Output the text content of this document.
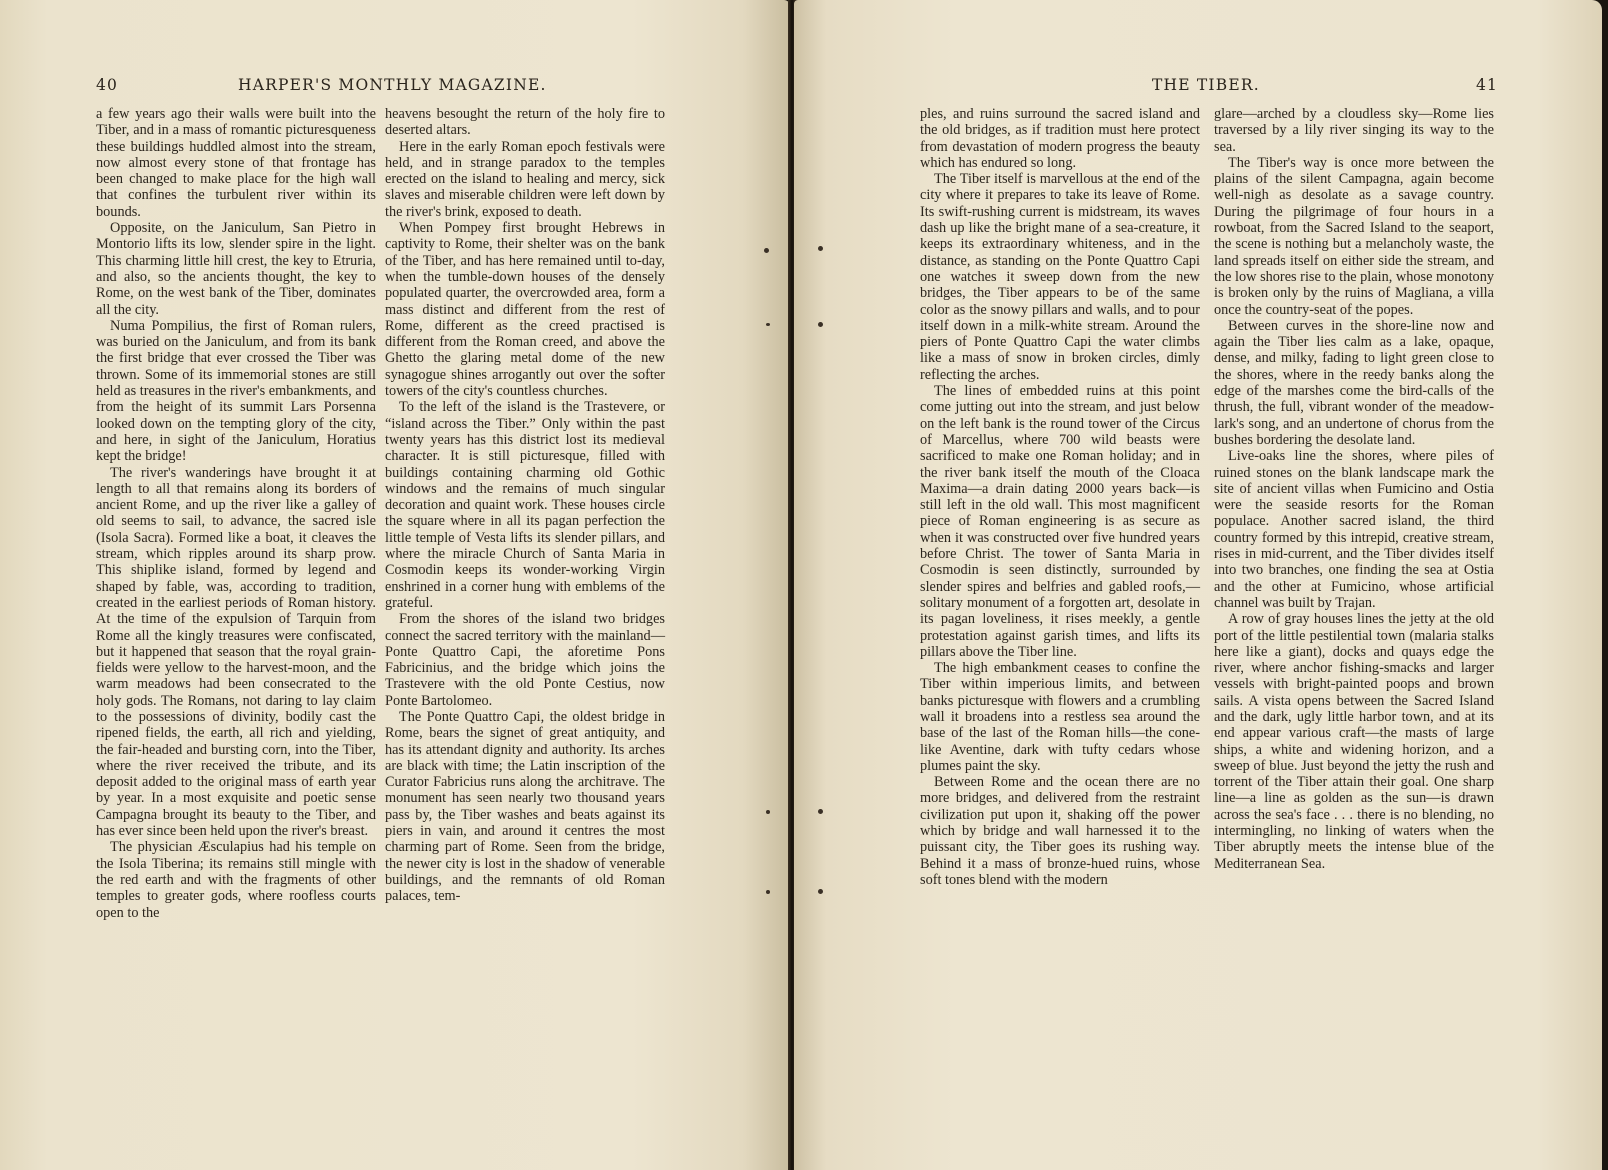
40	HARPER'S MONTHLY MAGAZINE.

a few years ago their walls were built into the Tiber, and in a mass of romantic picturesqueness these buildings huddled almost into the stream, now almost every stone of that frontage has been changed to make place for the high wall that confines the turbulent river within its bounds.

Opposite, on the Janiculum, San Pietro in Montorio lifts its low, slender spire in the light. This charming little hill crest, the key to Etruria, and also, so the ancients thought, the key to Rome, on the west bank of the Tiber, dominates all the city.

Numa Pompilius, the first of Roman rulers, was buried on the Janiculum, and from its bank the first bridge that ever crossed the Tiber was thrown. Some of its immemorial stones are still held as treasures in the river's embankments, and from the height of its summit Lars Porsenna looked down on the tempting glory of the city, and here, in sight of the Janiculum, Horatius kept the bridge!

The river's wanderings have brought it at length to all that remains along its borders of ancient Rome, and up the river like a galley of old seems to sail, to advance, the sacred isle (Isola Sacra). Formed like a boat, it cleaves the stream, which ripples around its sharp prow. This shiplike island, formed by legend and shaped by fable, was, according to tradition, created in the earliest periods of Roman history. At the time of the expulsion of Tarquin from Rome all the kingly treasures were confiscated, but it happened that season that the royal grain-fields were yellow to the harvest-moon, and the warm meadows had been consecrated to the holy gods. The Romans, not daring to lay claim to the possessions of divinity, bodily cast the ripened fields, the earth, all rich and yielding, the fair-headed and bursting corn, into the Tiber, where the river received the tribute, and its deposit added to the original mass of earth year by year. In a most exquisite and poetic sense Campagna brought its beauty to the Tiber, and has ever since been held upon the river's breast.

The physician Æsculapius had his temple on the Isola Tiberina; its remains still mingle with the red earth and with the fragments of other temples to greater gods, where roofless courts open to the

heavens besought the return of the holy fire to deserted altars.

Here in the early Roman epoch festivals were held, and in strange paradox to the temples erected on the island to healing and mercy, sick slaves and miserable children were left down by the river's brink, exposed to death.

When Pompey first brought Hebrews in captivity to Rome, their shelter was on the bank of the Tiber, and has here remained until to-day, when the tumble-down houses of the densely populated quarter, the overcrowded area, form a mass distinct and different from the rest of Rome, different as the creed practised is different from the Roman creed, and above the Ghetto the glaring metal dome of the new synagogue shines arrogantly out over the softer towers of the city's countless churches.

To the left of the island is the Trastevere, or “island across the Tiber.” Only within the past twenty years has this district lost its medieval character. It is still picturesque, filled with buildings containing charming old Gothic windows and the remains of much singular decoration and quaint work. These houses circle the square where in all its pagan perfection the little temple of Vesta lifts its slender pillars, and where the miracle Church of Santa Maria in Cosmodin keeps its wonder-working Virgin enshrined in a corner hung with emblems of the grateful.

From the shores of the island two bridges connect the sacred territory with the mainland—Ponte Quattro Capi, the aforetime Pons Fabricinius, and the bridge which joins the Trastevere with the old Ponte Cestius, now Ponte Bartolomeo.

The Ponte Quattro Capi, the oldest bridge in Rome, bears the signet of great antiquity, and has its attendant dignity and authority. Its arches are black with time; the Latin inscription of the Curator Fabricius runs along the architrave. The monument has seen nearly two thousand years pass by, the Tiber washes and beats against its piers in vain, and around it centres the most charming part of Rome. Seen from the bridge, the newer city is lost in the shadow of venerable buildings, and the remnants of old Roman palaces, tem-

THE TIBER.	41

ples, and ruins surround the sacred island and the old bridges, as if tradition must here protect from devastation of modern progress the beauty which has endured so long.

The Tiber itself is marvellous at the end of the city where it prepares to take its leave of Rome. Its swift-rushing current is midstream, its waves dash up like the bright mane of a sea-creature, it keeps its extraordinary whiteness, and in the distance, as standing on the Ponte Quattro Capi one watches it sweep down from the new bridges, the Tiber appears to be of the same color as the snowy pillars and walls, and to pour itself down in a milk-white stream. Around the piers of Ponte Quattro Capi the water climbs like a mass of snow in broken circles, dimly reflecting the arches.

The lines of embedded ruins at this point come jutting out into the stream, and just below on the left bank is the round tower of the Circus of Marcellus, where 700 wild beasts were sacrificed to make one Roman holiday; and in the river bank itself the mouth of the Cloaca Maxima—a drain dating 2000 years back—is still left in the old wall. This most magnificent piece of Roman engineering is as secure as when it was constructed over five hundred years before Christ. The tower of Santa Maria in Cosmodin is seen distinctly, surrounded by slender spires and belfries and gabled roofs,—solitary monument of a forgotten art, desolate in its pagan loveliness, it rises meekly, a gentle protestation against garish times, and lifts its pillars above the Tiber line.

The high embankment ceases to confine the Tiber within imperious limits, and between banks picturesque with flowers and a crumbling wall it broadens into a restless sea around the base of the last of the Roman hills—the cone-like Aventine, dark with tufty cedars whose plumes paint the sky.

Between Rome and the ocean there are no more bridges, and delivered from the restraint civilization put upon it, shaking off the power which by bridge and wall harnessed it to the puissant city, the Tiber goes its rushing way. Behind it a mass of bronze-hued ruins, whose soft tones blend with the modern

glare—arched by a cloudless sky—Rome lies traversed by a lily river singing its way to the sea.

The Tiber's way is once more between the plains of the silent Campagna, again become well-nigh as desolate as a savage country. During the pilgrimage of four hours in a rowboat, from the Sacred Island to the seaport, the scene is nothing but a melancholy waste, the land spreads itself on either side the stream, and the low shores rise to the plain, whose monotony is broken only by the ruins of Magliana, a villa once the country-seat of the popes.

Between curves in the shore-line now and again the Tiber lies calm as a lake, opaque, dense, and milky, fading to light green close to the shores, where in the reedy banks along the edge of the marshes come the bird-calls of the thrush, the full, vibrant wonder of the meadow-lark's song, and an undertone of chorus from the bushes bordering the desolate land.

Live-oaks line the shores, where piles of ruined stones on the blank landscape mark the site of ancient villas when Fumicino and Ostia were the seaside resorts for the Roman populace. Another sacred island, the third country formed by this intrepid, creative stream, rises in mid-current, and the Tiber divides itself into two branches, one finding the sea at Ostia and the other at Fumicino, whose artificial channel was built by Trajan.

A row of gray houses lines the jetty at the old port of the little pestilential town (malaria stalks here like a giant), docks and quays edge the river, where anchor fishing-smacks and larger vessels with bright-painted poops and brown sails. A vista opens between the Sacred Island and the dark, ugly little harbor town, and at its end appear various craft—the masts of large ships, a white and widening horizon, and a sweep of blue. Just beyond the jetty the rush and torrent of the Tiber attain their goal. One sharp line—a line as golden as the sun—is drawn across the sea's face . . . there is no blending, no intermingling, no linking of waters when the Tiber abruptly meets the intense blue of the Mediterranean Sea.
